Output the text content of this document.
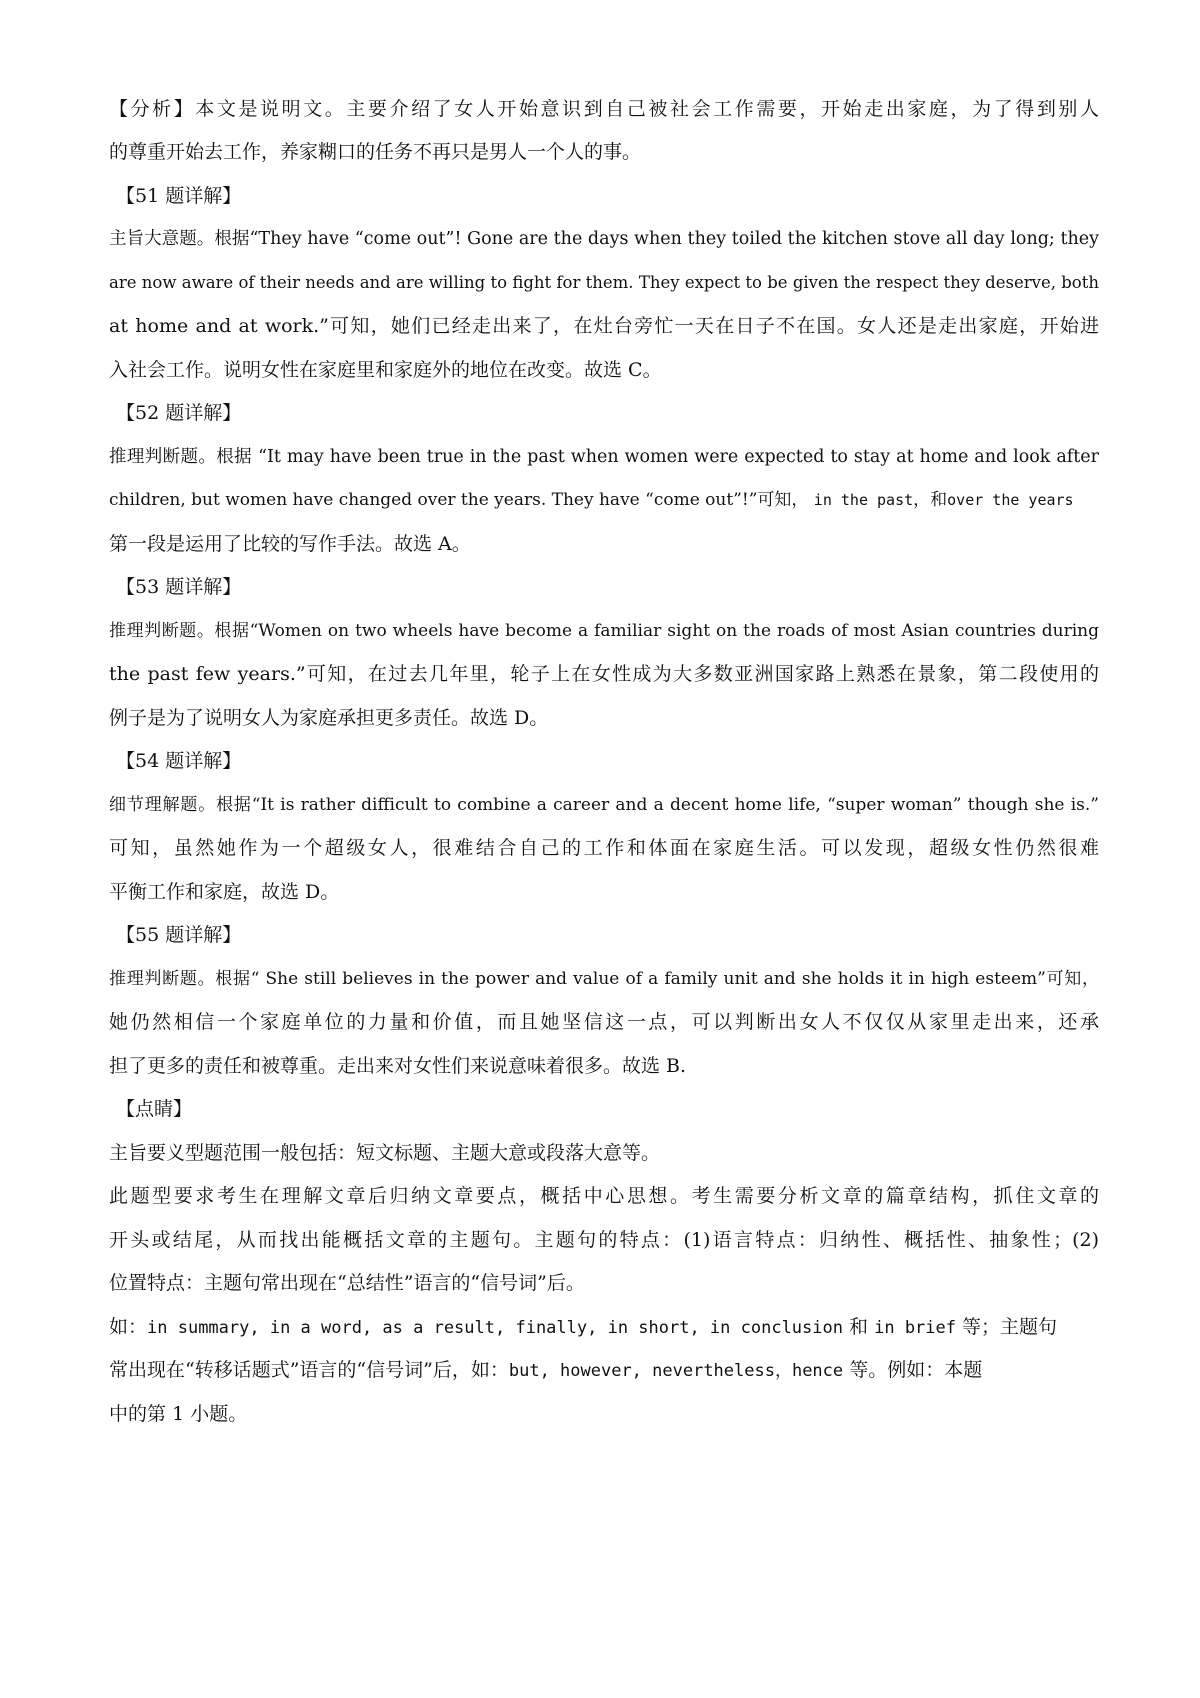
【分析】本文是说明文。主要介绍了女人开始意识到自己被社会工作需要，开始走出家庭，为了得到别人
的尊重开始去工作，养家糊口的任务不再只是男人一个人的事。
【51 题详解】
主旨大意题。根据“They have “come out”! Gone are the days when they toiled the kitchen stove all day long; they
are now aware of their needs and are willing to fight for them. They expect to be given the respect they deserve, both
at home and at work.”可知，她们已经走出来了，在灶台旁忙一天在日子不在国。女人还是走出家庭，开始进
入社会工作。说明女性在家庭里和家庭外的地位在改变。故选 C。
【52 题详解】
推理判断题。根据 “It may have been true in the past when women were expected to stay at home and look after
children, but women have changed over the years. They have “come out”!”可知， in the past，和over the years
第一段是运用了比较的写作手法。故选 A。
【53 题详解】
推理判断题。根据“Women on two wheels have become a familiar sight on the roads of most Asian countries during
the past few years.”可知，在过去几年里，轮子上在女性成为大多数亚洲国家路上熟悉在景象，第二段使用的
例子是为了说明女人为家庭承担更多责任。故选 D。
【54 题详解】
细节理解题。根据“It is rather difficult to combine a career and a decent home life, “super woman” though she is.”
可知，虽然她作为一个超级女人，很难结合自己的工作和体面在家庭生活。可以发现，超级女性仍然很难
平衡工作和家庭，故选 D。
【55 题详解】
推理判断题。根据“ She still believes in the power and value of a family unit and she holds it in high esteem”可知，
她仍然相信一个家庭单位的力量和价值，而且她坚信这一点，可以判断出女人不仅仅从家里走出来，还承
担了更多的责任和被尊重。走出来对女性们来说意味着很多。故选 B.
【点睛】
主旨要义型题范围一般包括：短文标题、主题大意或段落大意等。
此题型要求考生在理解文章后归纳文章要点，概括中心思想。考生需要分析文章的篇章结构，抓住文章的
开头或结尾，从而找出能概括文章的主题句。主题句的特点：(1)语言特点：归纳性、概括性、抽象性；(2)
位置特点：主题句常出现在“总结性”语言的“信号词”后。
如：in summary, in a word, as a result, finally, in short, in conclusion 和 in brief 等；主题句
常出现在“转移话题式”语言的“信号词”后，如：but, however, nevertheless，hence 等。例如：本题
中的第 1 小题。
